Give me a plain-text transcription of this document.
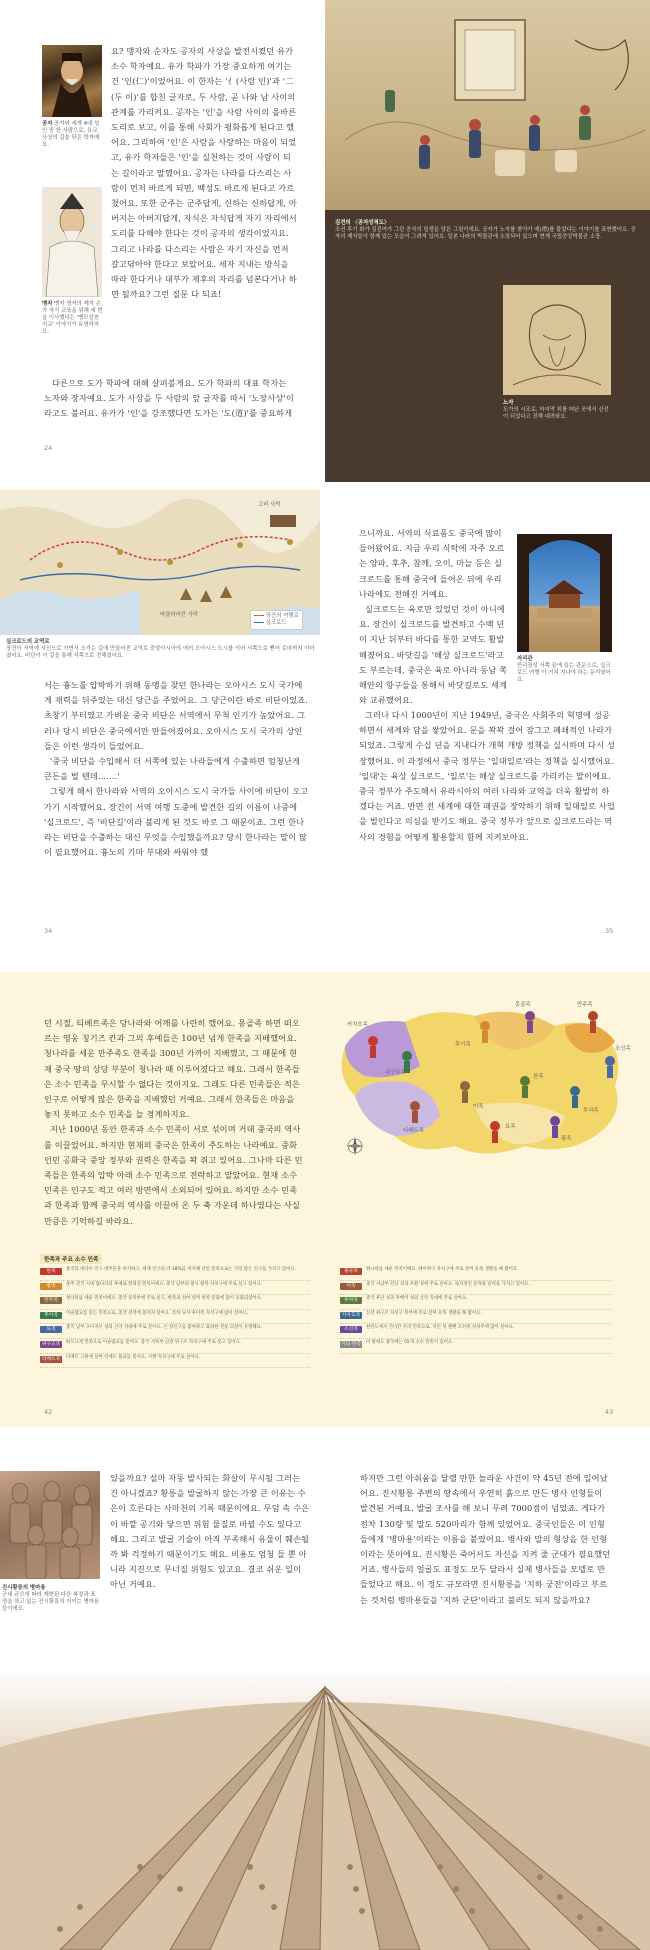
공자 공자와 세계 4대 성인 중 한 사람으로, 유교 사상의 길을 닦은 학자예요.
맹자 맹자 영자의 제자 손가 자식 교육을 위해 세 번을 이사했다는 '맹모삼천지교' 이야기가 유명하지요.

요? 맹자와 순자도 공자의 사상을 발전시켰던 유가 소수 학자예요. 유가 학파가 가장 중요하게 여기는 건 '인(仁)'이었어요. 이 한자는 '亻(사람 인)'과 '二(두 이)'를 합친 글자로, 두 사람, 곧 나와 남 사이의 관계를 가리켜요. 공자는 '인'을 사람 사이의 올바른 도리로 보고, 이를 통해 사회가 평화롭게 된다고 했어요. 그리하여 '인'은 사람을 사랑하는 마음이 되었고, 유가 학자들은 '인'을 실천하는 것이 사람이 되는 길이라고 말했어요. 공자는 나라를 다스리는 사람이 먼저 바르게 되면, 백성도 바르게 된다고 가르쳤어요. 또한 군주는 군주답게, 신하는 신하답게, 아버지는 아버지답게, 자식은 자식답게 자기 자리에서 도리를 다해야 한다는 것이 공자의 생각이었지요. 그리고 나라를 다스리는 사람은 자기 자신을 먼저 갈고닦아야 한다고 보았어요. 세자 지내는 방식을 따라 한다거나 대부가 제후의 자리를 넘본다거나 하면 될까요? 그런 질문 다 되죠!

다른으로 도가 학파에 대해 살펴볼게요. 도가 학파의 대표 학자는 노자와 장자예요. 도가 사상을 두 사람의 앞 글자를 따서 '노장사상'이라고도 불러요. 유가가 '인'을 강조했다면 도가는 '도(道)'를 중요하게

24
김견의 〈공자성적도〉
조선 후기 화가 김진여가 그린 공자의 일생을 담은 그림이에요. 공자가 노자를 찾아가 예(禮)를 물었다는 이야기를 표현했어요. 공자의 제자들이 함께 있는 모습이 그려져 있어요. 일본 나라의 박물관에 소장되어 있으며 현재 국립중앙박물관 소장.
노자
도가의 시조로, 마지막 위를 떠난 곳에서 신선이 되었다고 전해 내려와요.
고비 사막
타클라마칸 사막	장건의 여행로
실크로드
실크로드의 교역로
장건이 서역에 사신으로 가면서 오가는 길에 만들어진 교역로 중앙아시아의 여러 오아시스 도시를 이어 서쪽으로 뻗어 로마까지 이어졌어요. 비단이 이 길을 통해 서쪽으로 전해졌어요.

서는 흉노를 압박하기 위해 동맹을 찾던 한나라는 오아시스 도시 국가에게 재력을 뒤주었는 대신 당근을 주었어요. 그 당근이란 바로 비단이었죠. 초창기 부터였고 가벼운 중국 비단은 서역에서 무척 인기가 높았어요. 그러나 당시 비단은 중국에서만 만들어졌어요. 오아시스 도시 국가의 상인들은 이런 생각이 들었어요.

'중국 비단을 수입해서 더 서쪽에 있는 나라들에게 수출하면 엄청난게 큰돈을 벌 텐데…….'

그렇게 해서 한나라와 서역의 오아시스 도시 국가들 사이에 비단이 오고가기 시작했어요. 장건이 서역 여행 도중에 발견한 길의 이름이 나중에 '실크로드', 즉 '비단길'이라 불리게 된 것도 바로 그 때문이죠. 그런 한나라는 비단을 수출하는 대신 무엇을 수입했을까요? 당시 한나라는 말이 많이 필요했어요. 흉노의 기마 부대와 싸워야 했

34

으니까요. 서역의 식료품도 중국에 많이 들어왔어요. 지금 우리 식탁에 자주 오르는 양파, 후추, 참깨, 오이, 마늘 등은 실크로드를 통해 중국에 들어온 뒤에 우리나라에도 전해진 거예요.

실크로드는 육로만 있었던 것이 아니에요. 장건이 실크로드를 발견하고 수백 년이 지난 뒤부터 바다를 통한 교역도 활발해졌어요. 바닷길을 '해상 실크로드'라고도 부르는데, 중국은 육로 아니라 동남 쪽 해안의 항구들을 통해서 바닷길로도 세계와 교류했어요.

자리관
만리장성 서쪽 끝에 있는 관문으로, 실크로드 여행 이 거쳐 지나야 하는 둔지였어요.

그러나 다시 1000년이 지난 1949년, 중국은 사회주의 혁명에 성공하면서 세계와 담을 쌓았어요. 문을 꽉꽉 걸어 잠그고 폐쇄적인 나라가 되었죠. 그렇게 수십 년을 지내다가 개혁 개방 정책을 실시하며 다시 성장했어요. 이 과정에서 중국 정부는 '일대일로'라는 정책을 실시했어요. '일대'는 육상 실크로드, '일로'는 해상 실크로드를 가리키는 말이에요. 중국 정부가 주도해서 유라시아의 여러 나라와 교역을 더욱 활발히 하겠다는 거죠. 반면 전 세계에 대한 패권을 장악하기 위해 일대일로 사업을 벌인다고 의심을 받기도 해요. 중국 정부가 앞으로 실크로드라는 역사의 경험을 어떻게 활용할지 함께 지켜보아요.

35

던 시절, 티베트족은 당나라와 어깨를 나란히 했어요. 몽골족 하면 떠오르는 영웅 칭기즈 칸과 그의 후예들은 100년 넘게 한족을 지배했어요. 청나라를 세운 만주족도 한족을 300년 가까이 지배했고, 그 때문에 현재 중국 땅의 상당 부분이 청나라 때 이루어졌다고 해요. 그래서 한족들은 소수 민족을 무시할 수 없다는 것이지요. 그래도 다른 민족들은 적은 인구로 어떻게 많은 한족을 지배했던 거예요. 그래서 한족들은 마음을 놓지 못하고 소수 민족을 늘 경계하지요.

지난 1000년 동안 한족과 소수 민족이 서로 섞이며 거대 중국의 역사를 이끌었어요. 하지만 현재의 중국은 한족이 주도하는 나라예요. 중화인민 공화국 중앙 정부와 권력은 한족을 꽉 쥐고 있어요. 그나마 다른 민족들은 한족의 압박 아래 소수 민족으로 전락하고 말았어요. 현재 소수 민족은 인구도 적고 여러 방면에서 소외되어 있어요. 하지만 소수 민족과 한족과 함께 중국의 역사를 이끌어 온 두 축 가운데 하나였다는 사실만큼은 기억하길 바라요.

42
카자흐족
위구르족
티베트족
후이족
몽골족	만주족
조선족
한족
묘족
좡족
이족
투자족
43
한족과 주요 소수 민족
한족	중국의 대다수 인구 대부분을 차지하고, 세계 인구의 약 18%를 차지해 단일 민족으로는 가장 많은 인구를 가지고 있어요.
좡족	춘추 전국 시대 월나라의 후예로 알려진 민족이에요. 중국 남부의 광시 좡족 자치구에 주로 살고 있어요.
만주족	청나라를 세운 민족이에요. 중국 동북부에 주로 살고, 한족과 섞여 살며 한족 문화에 많이 동화되었어요.
후이족	이슬람교를 믿는 민족으로, 중국 전역에 흩어져 살아요. 특히 닝샤 후이족 자치구에 많이 살아요.
묘족	중국 남부 구이저우 성의 산악 지대에 주로 살아요. 은 장신구를 좋아하고 화려한 전통 의상이 유명해요.
위구르족	튀르크계 민족으로 이슬람교를 믿어요. 중국 서북부 신장 위구르 자치구에 주로 살고 있어요.
티베트족	티베트 고원에 살며 티베트 불교를 믿어요. 시짱 자치구에 주로 살아요.
몽골족	원나라를 세운 민족이에요. 네이멍구 자치구에 주로 살며 유목 생활을 해 왔어요.
이족	중국 서남부 윈난 성과 쓰촨 성에 주로 살아요. 독자적인 문자와 달력을 가지고 있어요.
투자족	중국 후난 성과 후베이 성의 산악 지대에 주로 살아요.
카자흐족	신장 위구르 자치구 북부에 주로 살며 유목 생활을 해 왔어요.
조선족	한반도에서 건너간 우리 민족으로, 지린 성 옌볜 조선족 자치주에 많이 살아요.
기타 민족	이 밖에도 중국에는 55개 소수 민족이 있어요.
진시황릉의 병마용
군대 규모에 따라 재현된 다른 복장과 표정을 하고 있는 진시황릉의 지키는 병마용들이에요.

있을까요? 설마 자동 발사되는 화살이 무시될 그러는 건 아니겠죠? 황릉을 발굴하지 않는 가장 큰 이유는 수은이 흐른다는 사마천의 기록 때문이에요. 무덤 속 수은이 바깥 공기와 닿으면 위험 물질로 바뀔 수도 있다고 해요. 그리고 발굴 기술이 아직 부족해서 유물이 훼손될까 봐 걱정하기 때문이기도 해요. 비용도 엄청 들 뿐 아니라 지진으로 무너질 위험도 있고요. 결코 쉬운 일이 아닌 거예요.

하지만 그런 아쉬움을 달랠 만한 놀라운 사건이 약 45년 전에 일어났어요. 진시황릉 주변의 땅속에서 우연히 흙으로 만든 병사 인형들이 발견된 거예요. 발굴 조사를 해 보니 무려 7000점이 넘었죠. 게다가 전차 130량 및 말도 520마리가 함께 있었어요. 중국인들은 이 인형들에게 '병마용'이라는 이름을 붙였어요. 병사와 말의 형상을 한 인형이라는 뜻이에요. 진시황은 죽어서도 자신을 지켜 줄 군대가 필요했던 거죠. 병사들의 얼굴도 표정도 모두 달라서 실제 병사들을 모델로 만들었다고 해요. 이 정도 규모라면 진시황릉을 '지하 궁전'이라고 부르는 것처럼 병마용들을 '지하 군단'이라고 불러도 되지 않을까요?
